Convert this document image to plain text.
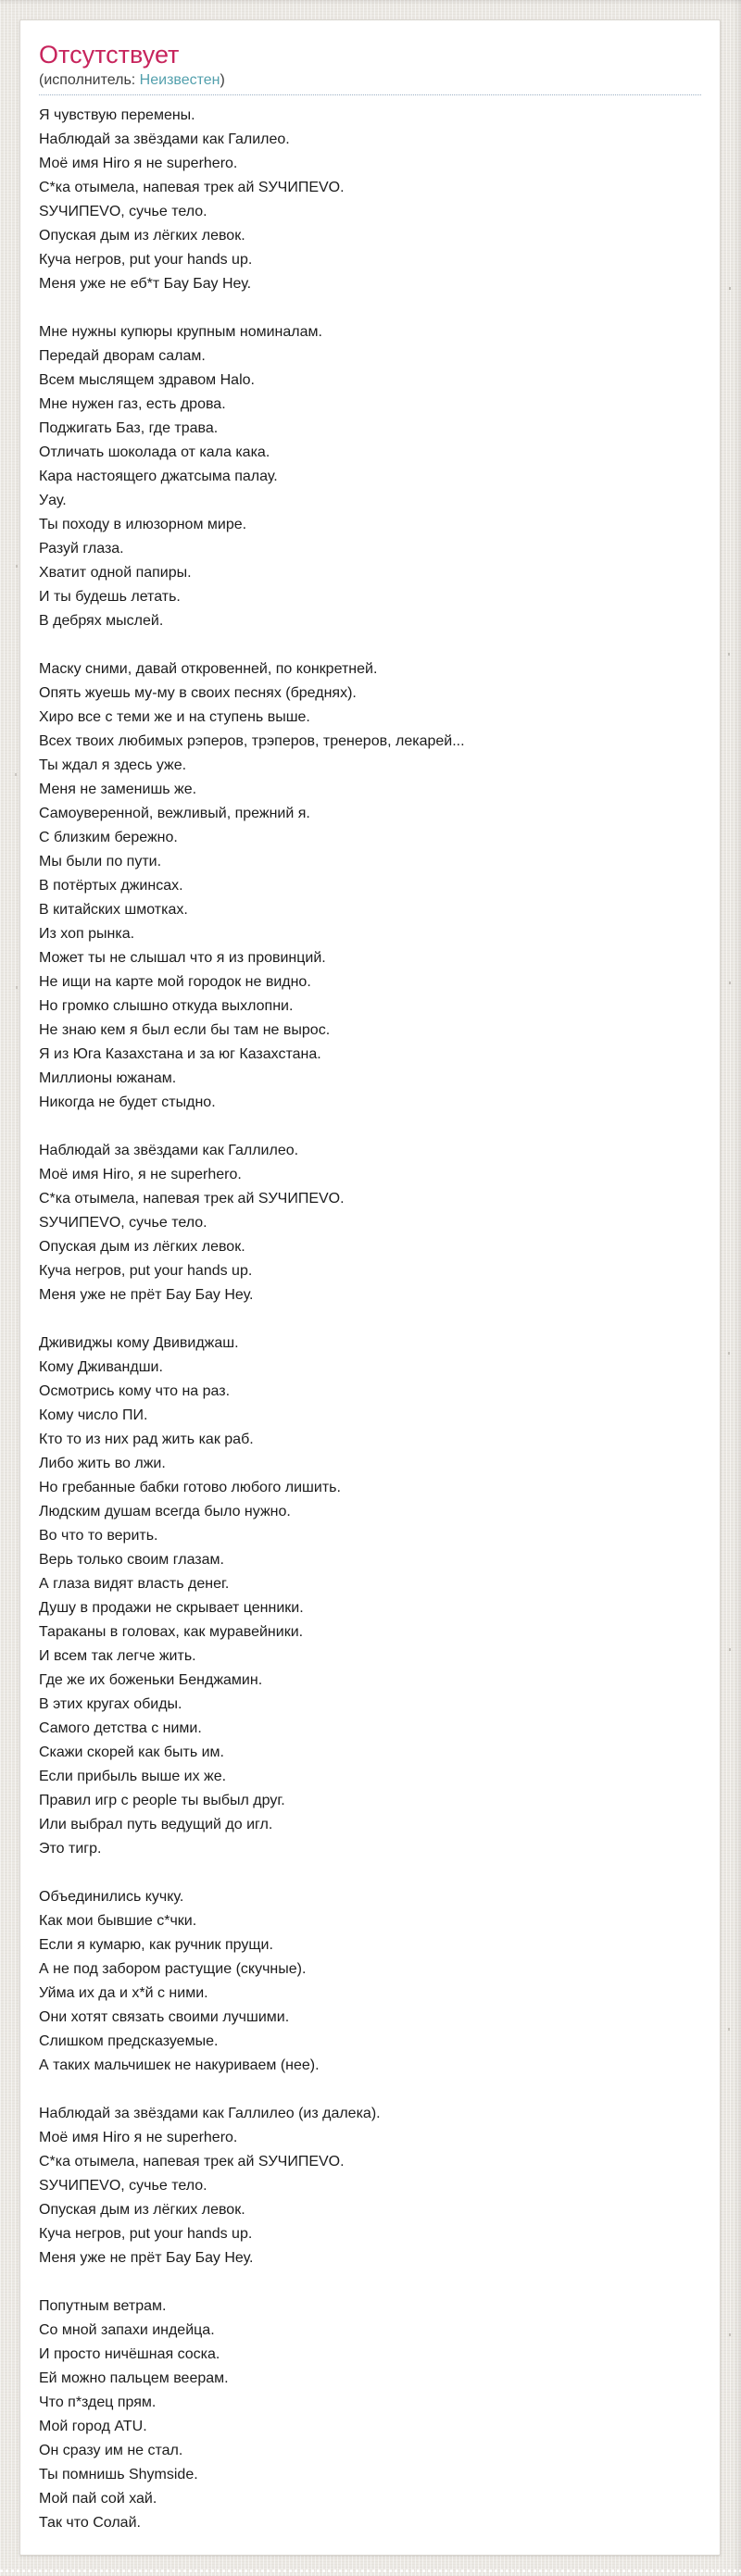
Отсутствует
(исполнитель: Неизвестен)

Я чувствую перемены.
Наблюдай за звёздами как Галилео.
Моё имя Hiro я не superhero.
С*ка отымела, напевая трек ай SУЧИПЕVO.
SУЧИПЕVO, сучье тело.
Опуская дым из лёгких левок.
Куча негров, put your hands up.
Меня уже не еб*т Бау Бау Неу.

Мне нужны купюры крупным номиналам.
Передай дворам салам.
Всем мыслящем здравом Halo.
Мне нужен газ, есть дрова.
Поджигать Баз, где трава.
Отличать шоколада от кала кака.
Кара настоящего джатсыма палау.
Уау.
Ты походу в илюзорном мире.
Разуй глаза.
Хватит одной папиры.
И ты будешь летать.
В дебрях мыслей.

Маску сними, давай откровенней, по конкретней.
Опять жуешь му-му в своих песнях (бреднях).
Хиро все с теми же и на ступень выше.
Всех твоих любимых рэперов, трэперов, тренеров, лекарей...
Ты ждал я здесь уже.
Меня не заменишь же.
Самоуверенной, вежливый, прежний я.
С близким бережно.
Мы были по пути.
В потёртых джинсах.
В китайских шмотках.
Из хоп рынка.
Может ты не слышал что я из провинций.
Не ищи на карте мой городок не видно.
Но громко слышно откуда выхлопни.
Не знаю кем я был если бы там не вырос.
Я из Юга Казахстана и за юг Казахстана.
Миллионы южанам.
Никогда не будет стыдно.

Наблюдай за звёздами как Галлилео.
Моё имя Hiro, я не superhero.
С*ка отымела, напевая трек ай SУЧИПЕVO.
SУЧИПЕVO, сучье тело.
Опуская дым из лёгких левок.
Куча негров, put your hands up.
Меня уже не прёт Бау Бау Неу.

Дживиджы кому Двивиджаш.
Кому Дживандши.
Осмотрись кому что на раз.
Кому число ПИ.
Кто то из них рад жить как раб.
Либо жить во лжи.
Но гребанные бабки готово любого лишить.
Людским душам всегда было нужно.
Во что то верить.
Верь только своим глазам.
А глаза видят власть денег.
Душу в продажи не скрывает ценники.
Тараканы в головах, как муравейники.
И всем так легче жить.
Где же их боженьки Бенджамин.
В этих кругах обиды.
Самого детства с ними.
Скажи скорей как быть им.
Если прибыль выше их же.
Правил игр с people ты выбыл друг.
Или выбрал путь ведущий до игл.
Это тигр.

Объединились кучку.
Как мои бывшие с*чки.
Если я кумарю, как ручник прущи.
А не под забором растущие (скучные).
Уйма их да и х*й с ними.
Они хотят связать своими лучшими.
Слишком предсказуемые.
А таких мальчишек не накуриваем (нее).

Наблюдай за звёздами как Галлилео (из далека).
Моё имя Hiro я не superhero.
С*ка отымела, напевая трек ай SУЧИПЕVO.
SУЧИПЕVO, сучье тело.
Опуская дым из лёгких левок.
Куча негров, put your hands up.
Меня уже не прёт Бау Бау Неу.

Попутным ветрам.
Со мной запахи индейца.
И просто ничёшная соска.
Ей можно пальцем веерам.
Что п*здец прям.
Мой город ATU.
Он сразу им не стал.
Ты помнишь Shymside.
Мой пай сой хай.
Так что Солай.
